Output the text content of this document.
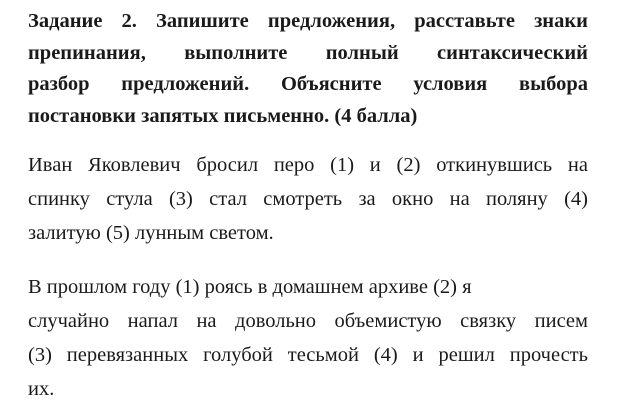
Задание 2. Запишите предложения, расставьте знаки
препинания, выполните полный синтаксический
разбор предложений. Объясните условия выбора
постановки запятых письменно. (4 балла)

Иван Яковлевич бросил перо (1) и (2) откинувшись на
спинку стула (3) стал смотреть за окно на поляну (4)
залитую (5) лунным светом.

В прошлом году (1) роясь в домашнем архиве (2) я
случайно напал на довольно объемистую связку писем
(3) перевязанных голубой тесьмой (4) и решил прочесть
их.
